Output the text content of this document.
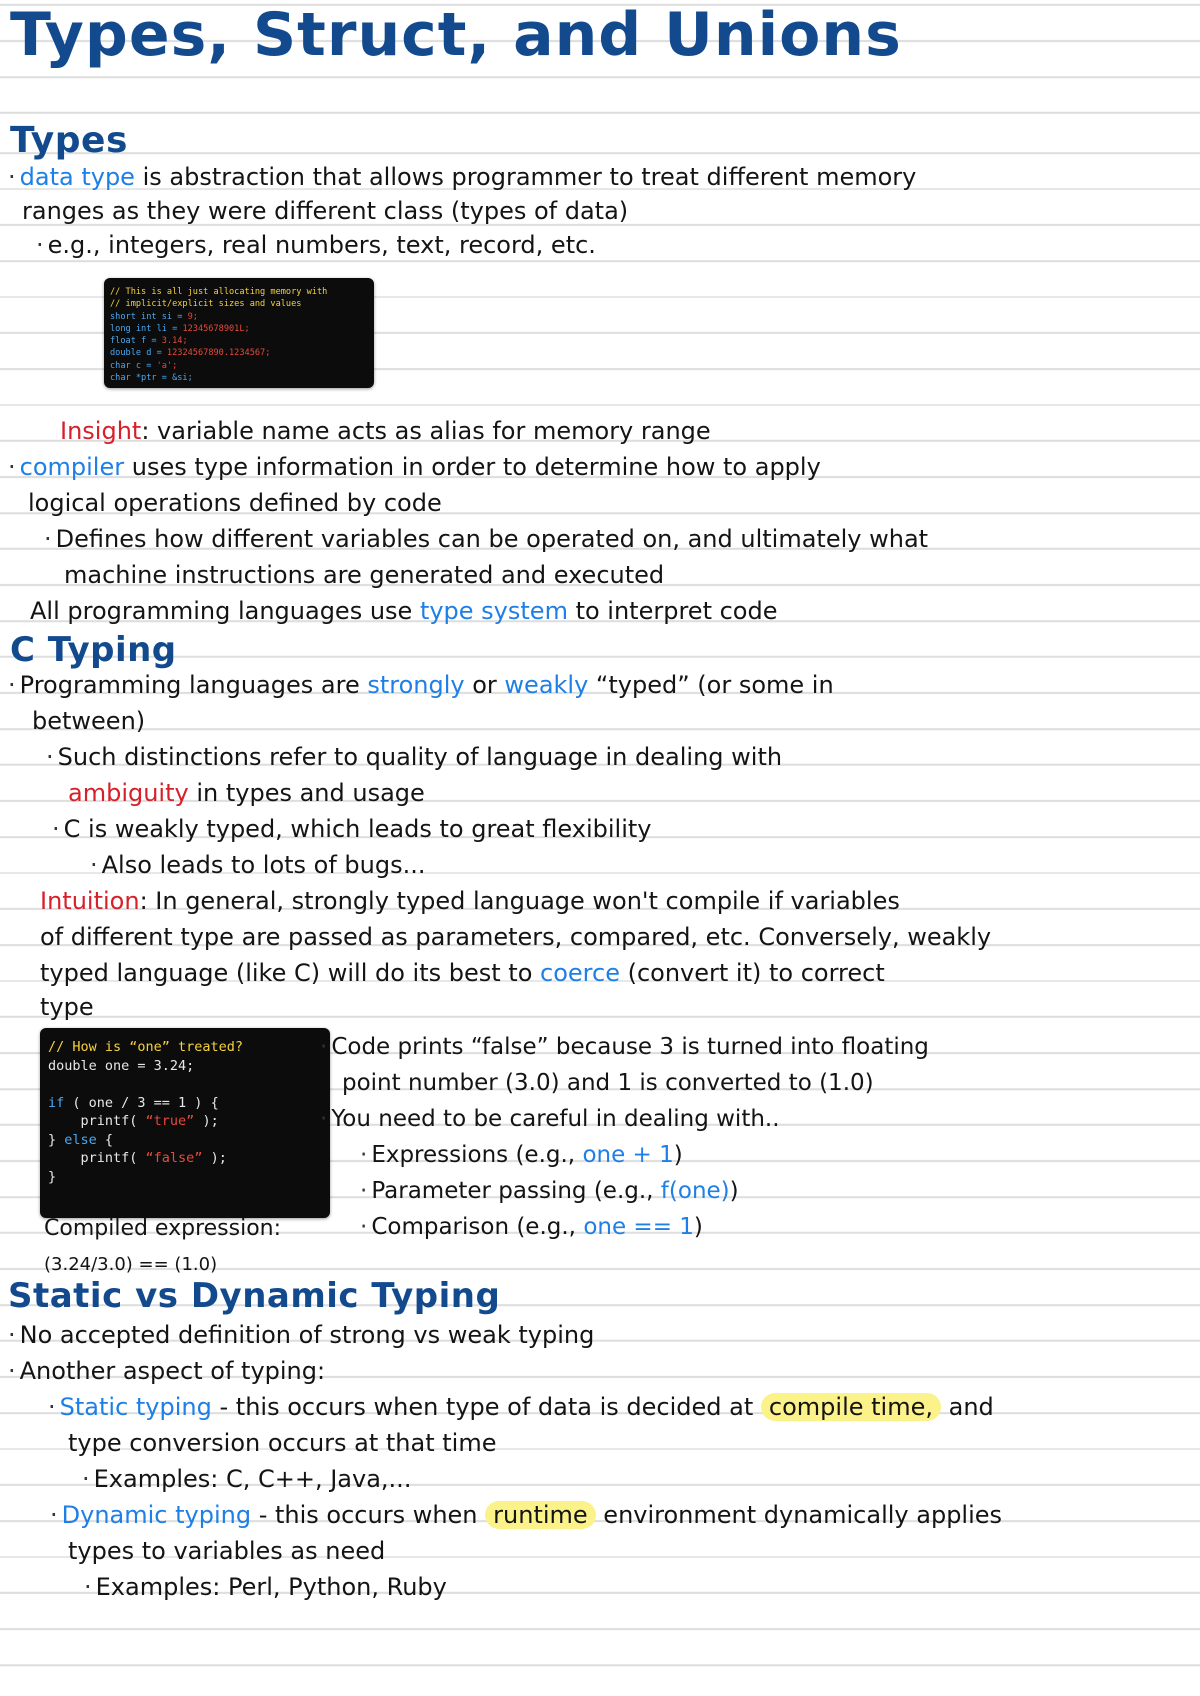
Types, Struct, and Unions
Types
· data type is abstraction that allows programmer to treat different memory
ranges as they were different class (types of data)
· e.g., integers, real numbers, text, record, etc.
// This is all just allocating memory with
// implicit/explicit sizes and values
short int si = 9;
long int li = 12345678901L;
float f = 3.14;
double d = 12324567890.1234567;
char c = 'a';
char *ptr = &si;
Insight: variable name acts as alias for memory range
· compiler uses type information in order to determine how to apply
logical operations defined by code
· Defines how different variables can be operated on, and ultimately what
machine instructions are generated and executed
All programming languages use type system to interpret code
C Typing
· Programming languages are strongly or weakly “typed” (or some in
between)
· Such distinctions refer to quality of language in dealing with
ambiguity in types and usage
· C is weakly typed, which leads to great flexibility
· Also leads to lots of bugs...
Intuition: In general, strongly typed language won't compile if variables
of different type are passed as parameters, compared, etc. Conversely, weakly
typed language (like C) will do its best to coerce (convert it) to correct
type
// How is “one” treated?
double one = 3.24;

if ( one / 3 == 1 ) {
printf( “true” );
} else {
printf( “false” );
}
· Code prints “false” because 3 is turned into floating
point number (3.0) and 1 is converted to (1.0)
· You need to be careful in dealing with..
· Expressions (e.g., one + 1)
· Parameter passing (e.g., f(one))
· Comparison (e.g., one == 1)
Compiled expression:
(3.24/3.0) == (1.0)
Static vs Dynamic Typing
· No accepted definition of strong vs weak typing
· Another aspect of typing:
· Static typing - this occurs when type of data is decided at compile time, and
type conversion occurs at that time
· Examples: C, C++, Java,...
· Dynamic typing - this occurs when runtime environment dynamically applies
types to variables as need
· Examples: Perl, Python, Ruby
